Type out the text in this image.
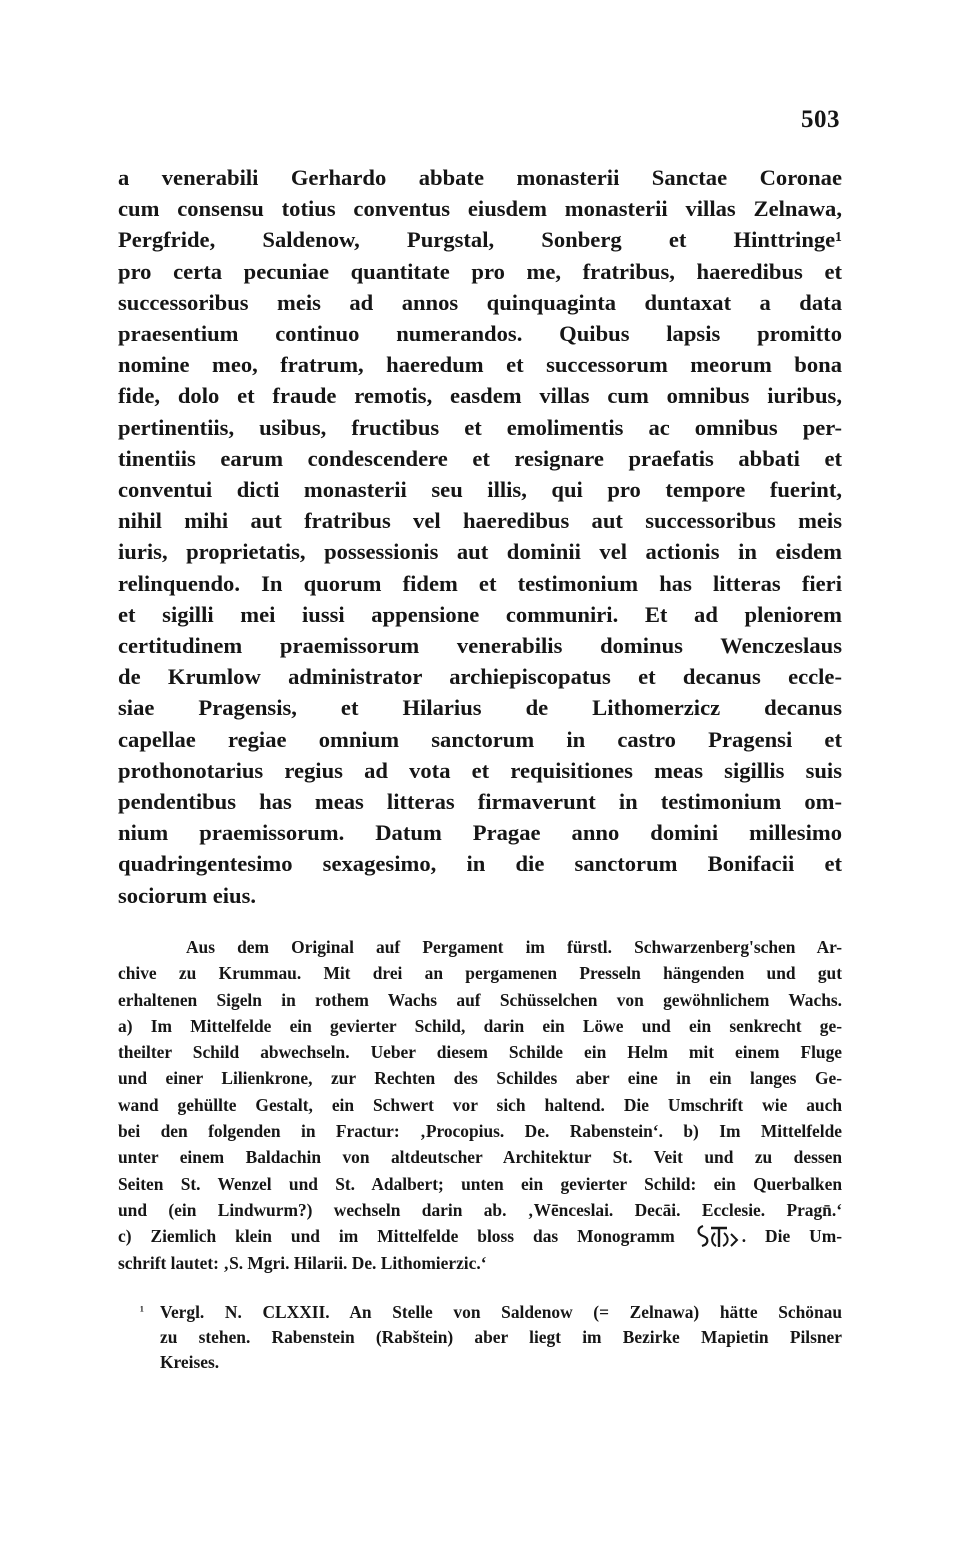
503
a venerabili Gerhardo abbate monasterii Sanctae Coronae
cum consensu totius conventus eiusdem monasterii villas Zelnawa,
Pergfride, Saldenow, Purgstal, Sonberg et Hinttringe¹
pro certa pecuniae quantitate pro me, fratribus, haeredibus et
successoribus meis ad annos quinquaginta duntaxat a data
praesentium continuo numerandos. Quibus lapsis promitto
nomine meo, fratrum, haeredum et successorum meorum bona
fide, dolo et fraude remotis, easdem villas cum omnibus iuribus,
pertinentiis, usibus, fructibus et emolimentis ac omnibus per-
tinentiis earum condescendere et resignare praefatis abbati et
conventui dicti monasterii seu illis, qui pro tempore fuerint,
nihil mihi aut fratribus vel haeredibus aut successoribus meis
iuris, proprietatis, possessionis aut dominii vel actionis in eisdem
relinquendo. In quorum fidem et testimonium has litteras fieri
et sigilli mei iussi appensione communiri. Et ad pleniorem
certitudinem praemissorum venerabilis dominus Wenczeslaus
de Krumlow administrator archiepiscopatus et decanus eccle-
siae Pragensis, et Hilarius de Lithomerzicz decanus
capellae regiae omnium sanctorum in castro Pragensi et
prothonotarius regius ad vota et requisitiones meas sigillis suis
pendentibus has meas litteras firmaverunt in testimonium om-
nium praemissorum. Datum Pragae anno domini millesimo
quadringentesimo sexagesimo, in die sanctorum Bonifacii et
sociorum eius.
Aus dem Original auf Pergament im fürstl. Schwarzenberg'schen Ar-
chive zu Krummau. Mit drei an pergamenen Presseln hängenden und gut
erhaltenen Sigeln in rothem Wachs auf Schüsselchen von gewöhnlichem Wachs.
a) Im Mittelfelde ein gevierter Schild, darin ein Löwe und ein senkrecht ge-
theilter Schild abwechseln. Ueber diesem Schilde ein Helm mit einem Fluge
und einer Lilienkrone, zur Rechten des Schildes aber eine in ein langes Ge-
wand gehüllte Gestalt, ein Schwert vor sich haltend. Die Umschrift wie auch
bei den folgenden in Fractur: ‚Procopius. De. Rabenstein‘. b) Im Mittelfelde
unter einem Baldachin von altdeutscher Architektur St. Veit und zu dessen
Seiten St. Wenzel und St. Adalbert; unten ein gevierter Schild: ein Querbalken
und (ein Lindwurm?) wechseln darin ab. ‚Wēnceslai. Decāi. Ecclesie. Pragn̄.‘
c) Ziemlich klein und im Mittelfelde bloss das Monogramm	. Die Um-
schrift lautet: ‚S. Mgri. Hilarii. De. Lithomierzic.‘
¹ Vergl. N. CLXXII. An Stelle von Saldenow (= Zelnawa) hätte Schönau
zu stehen. Rabenstein (Rabštein) aber liegt im Bezirke Mapietin Pilsner
Kreises.
